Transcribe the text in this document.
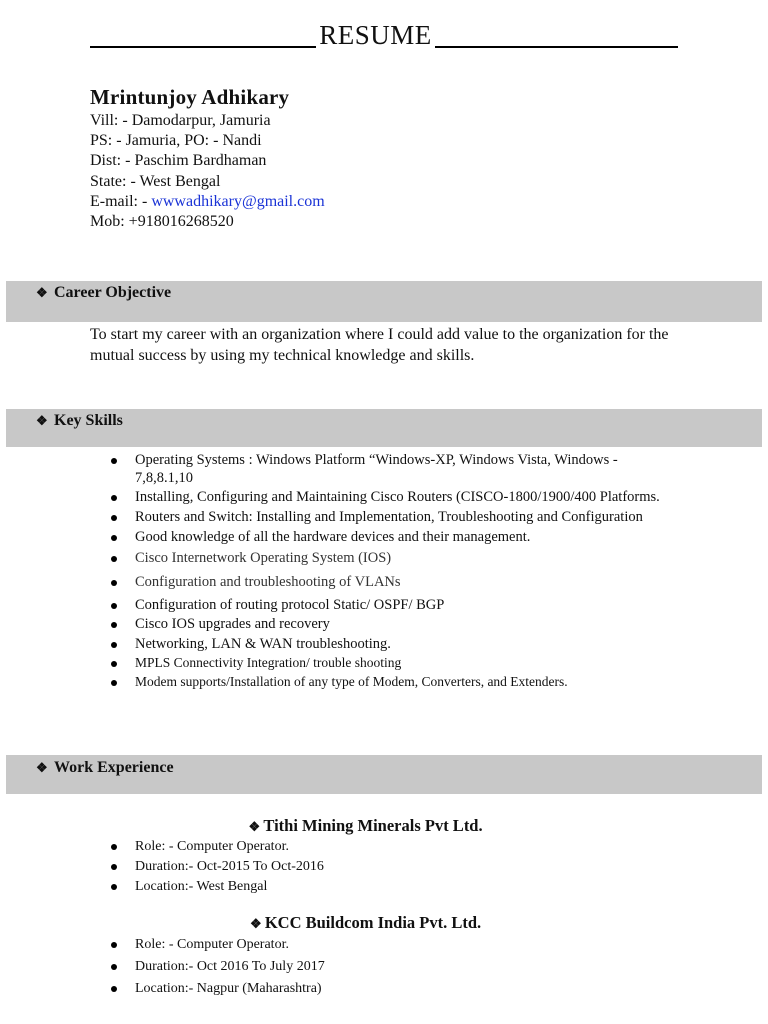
RESUME
Mrintunjoy Adhikary
Vill: - Damodarpur, Jamuria
PS: - Jamuria, PO: - Nandi
Dist: - Paschim Bardhaman
State: - West Bengal
E-mail: - wwwadhikary@gmail.com
Mob: +918016268520
❖ Career Objective
To start my career with an organization where I could add value to the organization for the mutual success by using my technical knowledge and skills.
❖ Key Skills
Operating Systems : Windows Platform “Windows-XP, Windows Vista, Windows - 7,8,8.1,10
Installing, Configuring and Maintaining Cisco Routers (CISCO-1800/1900/400 Platforms.
Routers and Switch: Installing and Implementation, Troubleshooting and Configuration
Good knowledge of all the hardware devices and their management.
Cisco Internetwork Operating System (IOS)
Configuration and troubleshooting of VLANs
Configuration of routing protocol Static/ OSPF/ BGP
Cisco IOS upgrades and recovery
Networking, LAN & WAN troubleshooting.
MPLS Connectivity Integration/ trouble shooting
Modem supports/Installation of any type of Modem, Converters, and Extenders.
❖ Work Experience
❖ Tithi Mining Minerals Pvt Ltd.
Role: - Computer Operator.
Duration:- Oct-2015 To Oct-2016
Location:- West Bengal
❖ KCC Buildcom India Pvt. Ltd.
Role: - Computer Operator.
Duration:- Oct 2016 To July 2017
Location:- Nagpur (Maharashtra)
